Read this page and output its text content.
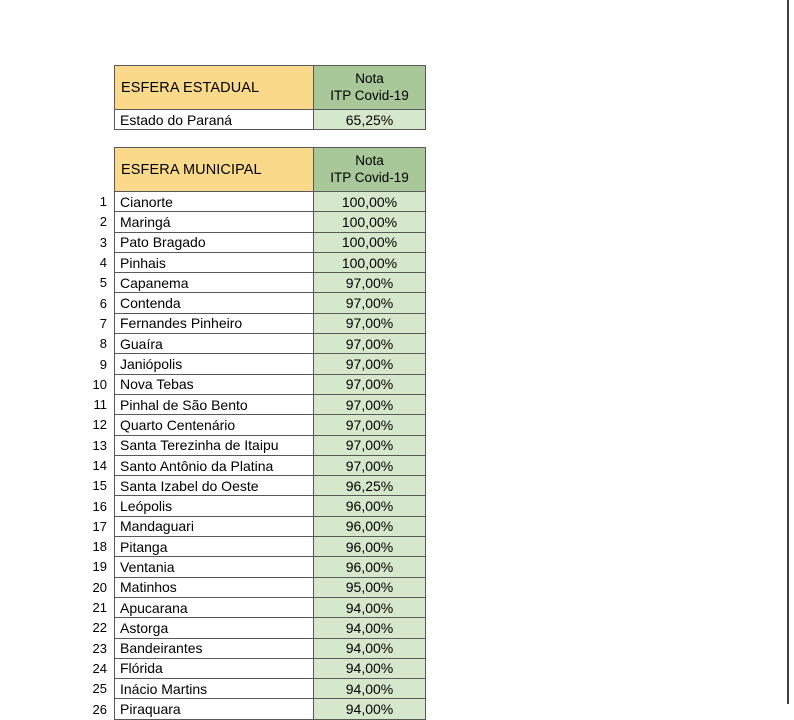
	ESFERA ESTADUAL	Nota
ITP Covid-19
	Estado do Paraná	65,25%
	ESFERA MUNICIPAL	Nota
ITP Covid-19
1	Cianorte	100,00%
2	Maringá	100,00%
3	Pato Bragado	100,00%
4	Pinhais	100,00%
5	Capanema	97,00%
6	Contenda	97,00%
7	Fernandes Pinheiro	97,00%
8	Guaíra	97,00%
9	Janiópolis	97,00%
10	Nova Tebas	97,00%
11	Pinhal de São Bento	97,00%
12	Quarto Centenário	97,00%
13	Santa Terezinha de Itaipu	97,00%
14	Santo Antônio da Platina	97,00%
15	Santa Izabel do Oeste	96,25%
16	Leópolis	96,00%
17	Mandaguari	96,00%
18	Pitanga	96,00%
19	Ventania	96,00%
20	Matinhos	95,00%
21	Apucarana	94,00%
22	Astorga	94,00%
23	Bandeirantes	94,00%
24	Flórida	94,00%
25	Inácio Martins	94,00%
26	Piraquara	94,00%
